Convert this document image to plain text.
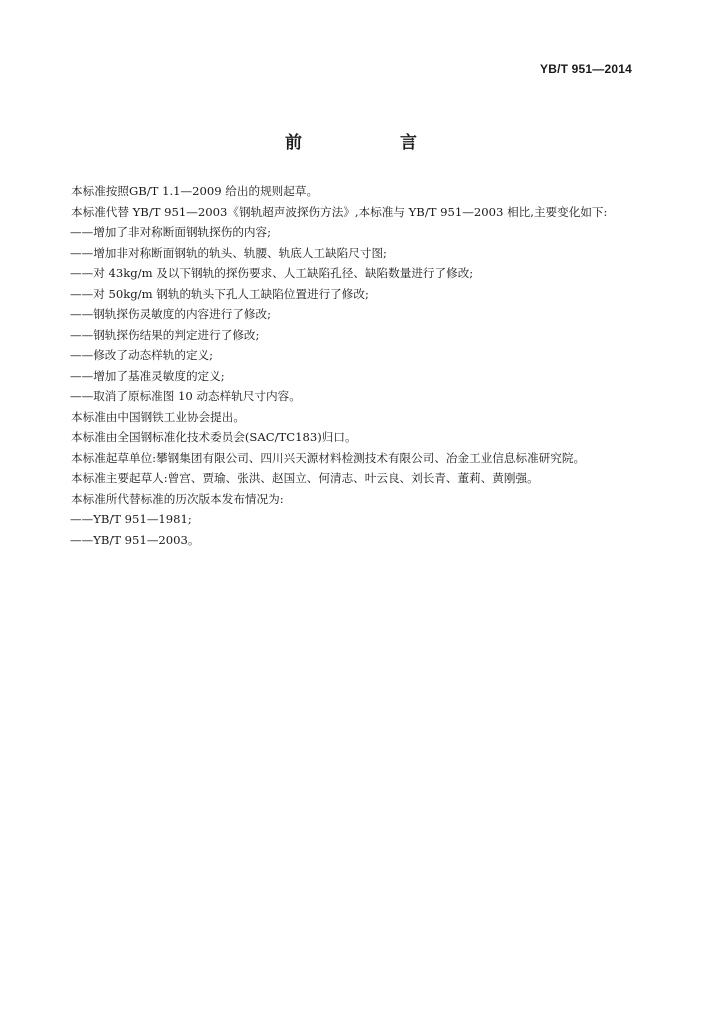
YB/T 951—2014
前 言

本标准按照GB/T 1.1—2009 给出的规则起草。

本标准代替 YB/T 951—2003《钢轨超声波探伤方法》,本标准与 YB/T 951—2003 相比,主要变化如下:

——增加了非对称断面钢轨探伤的内容;

——增加非对称断面钢轨的轨头、轨腰、轨底人工缺陷尺寸图;

——对 43kg/m 及以下钢轨的探伤要求、人工缺陷孔径、缺陷数量进行了修改;

——对 50kg/m 钢轨的轨头下孔人工缺陷位置进行了修改;

——钢轨探伤灵敏度的内容进行了修改;

——钢轨探伤结果的判定进行了修改;

——修改了动态样轨的定义;

——增加了基准灵敏度的定义;

——取消了原标准图 10 动态样轨尺寸内容。

本标准由中国钢铁工业协会提出。

本标准由全国钢标准化技术委员会(SAC/TC183)归口。

本标准起草单位:攀钢集团有限公司、四川兴天源材料检测技术有限公司、冶金工业信息标准研究院。

本标准主要起草人:曾宫、贾瑜、张洪、赵国立、何清志、叶云良、刘长青、董莉、黄刚强。

本标准所代替标准的历次版本发布情况为:

——YB/T 951—1981;

——YB/T 951—2003。
